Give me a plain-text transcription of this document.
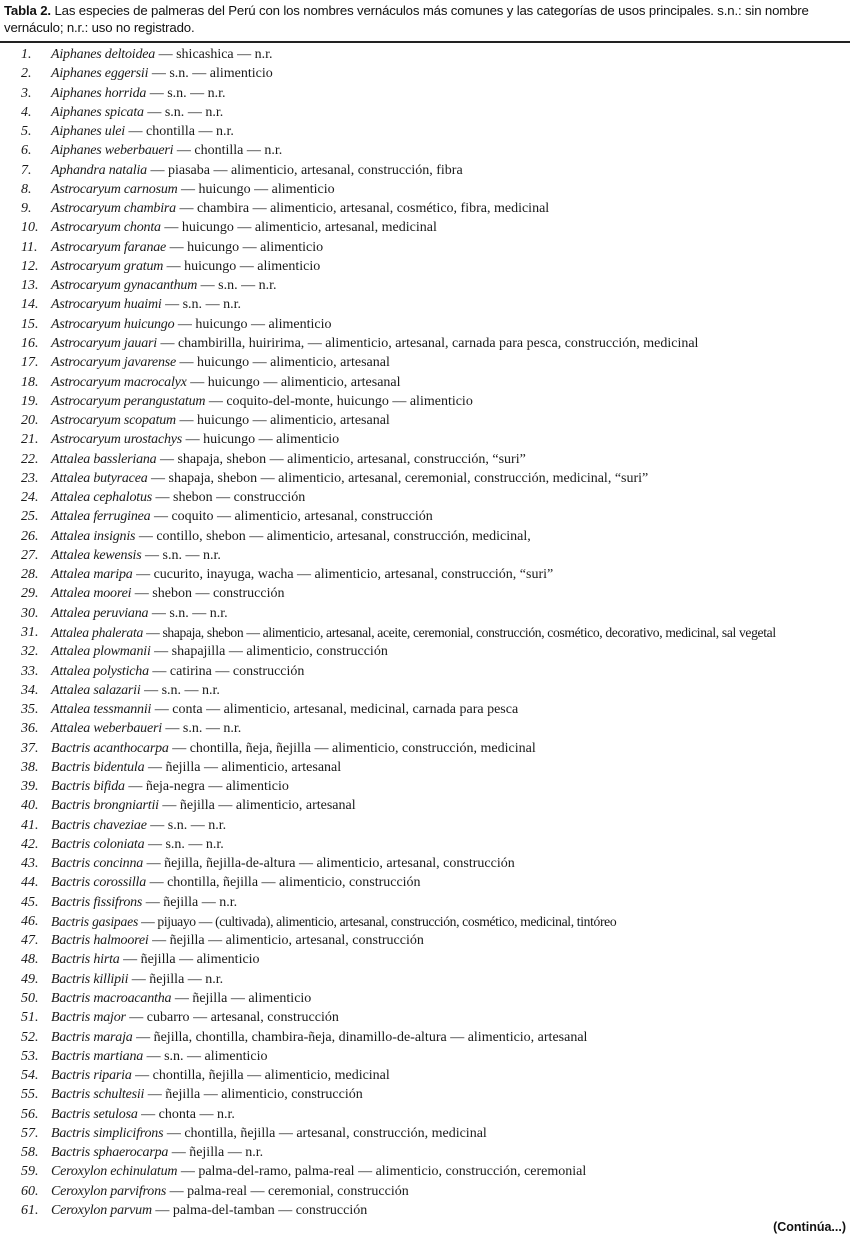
Tabla 2. Las especies de palmeras del Perú con los nombres vernáculos más comunes y las categorías de usos principales. s.n.: sin nombre vernáculo; n.r.: uso no registrado.
1. Aiphanes deltoidea — shicashica — n.r.
2. Aiphanes eggersii — s.n. — alimenticio
3. Aiphanes horrida — s.n. — n.r.
4. Aiphanes spicata — s.n. — n.r.
5. Aiphanes ulei — chontilla — n.r.
6. Aiphanes weberbaueri — chontilla — n.r.
7. Aphandra natalia — piasaba — alimenticio, artesanal, construcción, fibra
8. Astrocaryum carnosum — huicungo — alimenticio
9. Astrocaryum chambira — chambira — alimenticio, artesanal, cosmético, fibra, medicinal
10. Astrocaryum chonta — huicungo — alimenticio, artesanal, medicinal
11. Astrocaryum faranae — huicungo — alimenticio
12. Astrocaryum gratum — huicungo — alimenticio
13. Astrocaryum gynacanthum — s.n. — n.r.
14. Astrocaryum huaimi — s.n. — n.r.
15. Astrocaryum huicungo — huicungo — alimenticio
16. Astrocaryum jauari — chambirilla, huiririma, — alimenticio, artesanal, carnada para pesca, construcción, medicinal
17. Astrocaryum javarense — huicungo — alimenticio, artesanal
18. Astrocaryum macrocalyx — huicungo — alimenticio, artesanal
19. Astrocaryum perangustatum — coquito-del-monte, huicungo — alimenticio
20. Astrocaryum scopatum — huicungo — alimenticio, artesanal
21. Astrocaryum urostachys — huicungo — alimenticio
22. Attalea bassleriana — shapaja, shebon — alimenticio, artesanal, construcción, “suri”
23. Attalea butyracea — shapaja, shebon — alimenticio, artesanal, ceremonial, construcción, medicinal, “suri”
24. Attalea cephalotus — shebon — construcción
25. Attalea ferruginea — coquito — alimenticio, artesanal, construcción
26. Attalea insignis — contillo, shebon — alimenticio, artesanal, construcción, medicinal,
27. Attalea kewensis — s.n. — n.r.
28. Attalea maripa — cucurito, inayuga, wacha — alimenticio, artesanal, construcción, “suri”
29. Attalea moorei — shebon — construcción
30. Attalea peruviana — s.n. — n.r.
31. Attalea phalerata — shapaja, shebon — alimenticio, artesanal, aceite, ceremonial, construcción, cosmético, decorativo, medicinal, sal vegetal
32. Attalea plowmanii — shapajilla — alimenticio, construcción
33. Attalea polysticha — catirina — construcción
34. Attalea salazarii — s.n. — n.r.
35. Attalea tessmannii — conta — alimenticio, artesanal, medicinal, carnada para pesca
36. Attalea weberbaueri — s.n. — n.r.
37. Bactris acanthocarpa — chontilla, ñeja, ñejilla — alimenticio, construcción, medicinal
38. Bactris bidentula — ñejilla — alimenticio, artesanal
39. Bactris bifida — ñeja-negra — alimenticio
40. Bactris brongniartii — ñejilla — alimenticio, artesanal
41. Bactris chaveziae — s.n. — n.r.
42. Bactris coloniata — s.n. — n.r.
43. Bactris concinna — ñejilla, ñejilla-de-altura — alimenticio, artesanal, construcción
44. Bactris corossilla — chontilla, ñejilla — alimenticio, construcción
45. Bactris fissifrons — ñejilla — n.r.
46. Bactris gasipaes — pijuayo — (cultivada), alimenticio, artesanal, construcción, cosmético, medicinal, tintóreo
47. Bactris halmoorei — ñejilla — alimenticio, artesanal, construcción
48. Bactris hirta — ñejilla — alimenticio
49. Bactris killipii — ñejilla — n.r.
50. Bactris macroacantha — ñejilla — alimenticio
51. Bactris major — cubarro — artesanal, construcción
52. Bactris maraja — ñejilla, chontilla, chambira-ñeja, dinamillo-de-altura — alimenticio, artesanal
53. Bactris martiana — s.n. — alimenticio
54. Bactris riparia — chontilla, ñejilla — alimenticio, medicinal
55. Bactris schultesii — ñejilla — alimenticio, construcción
56. Bactris setulosa — chonta — n.r.
57. Bactris simplicifrons — chontilla, ñejilla — artesanal, construcción, medicinal
58. Bactris sphaerocarpa — ñejilla — n.r.
59. Ceroxylon echinulatum — palma-del-ramo, palma-real — alimenticio, construcción, ceremonial
60. Ceroxylon parvifrons — palma-real — ceremonial, construcción
61. Ceroxylon parvum — palma-del-tamban — construcción
(Continúa...)
